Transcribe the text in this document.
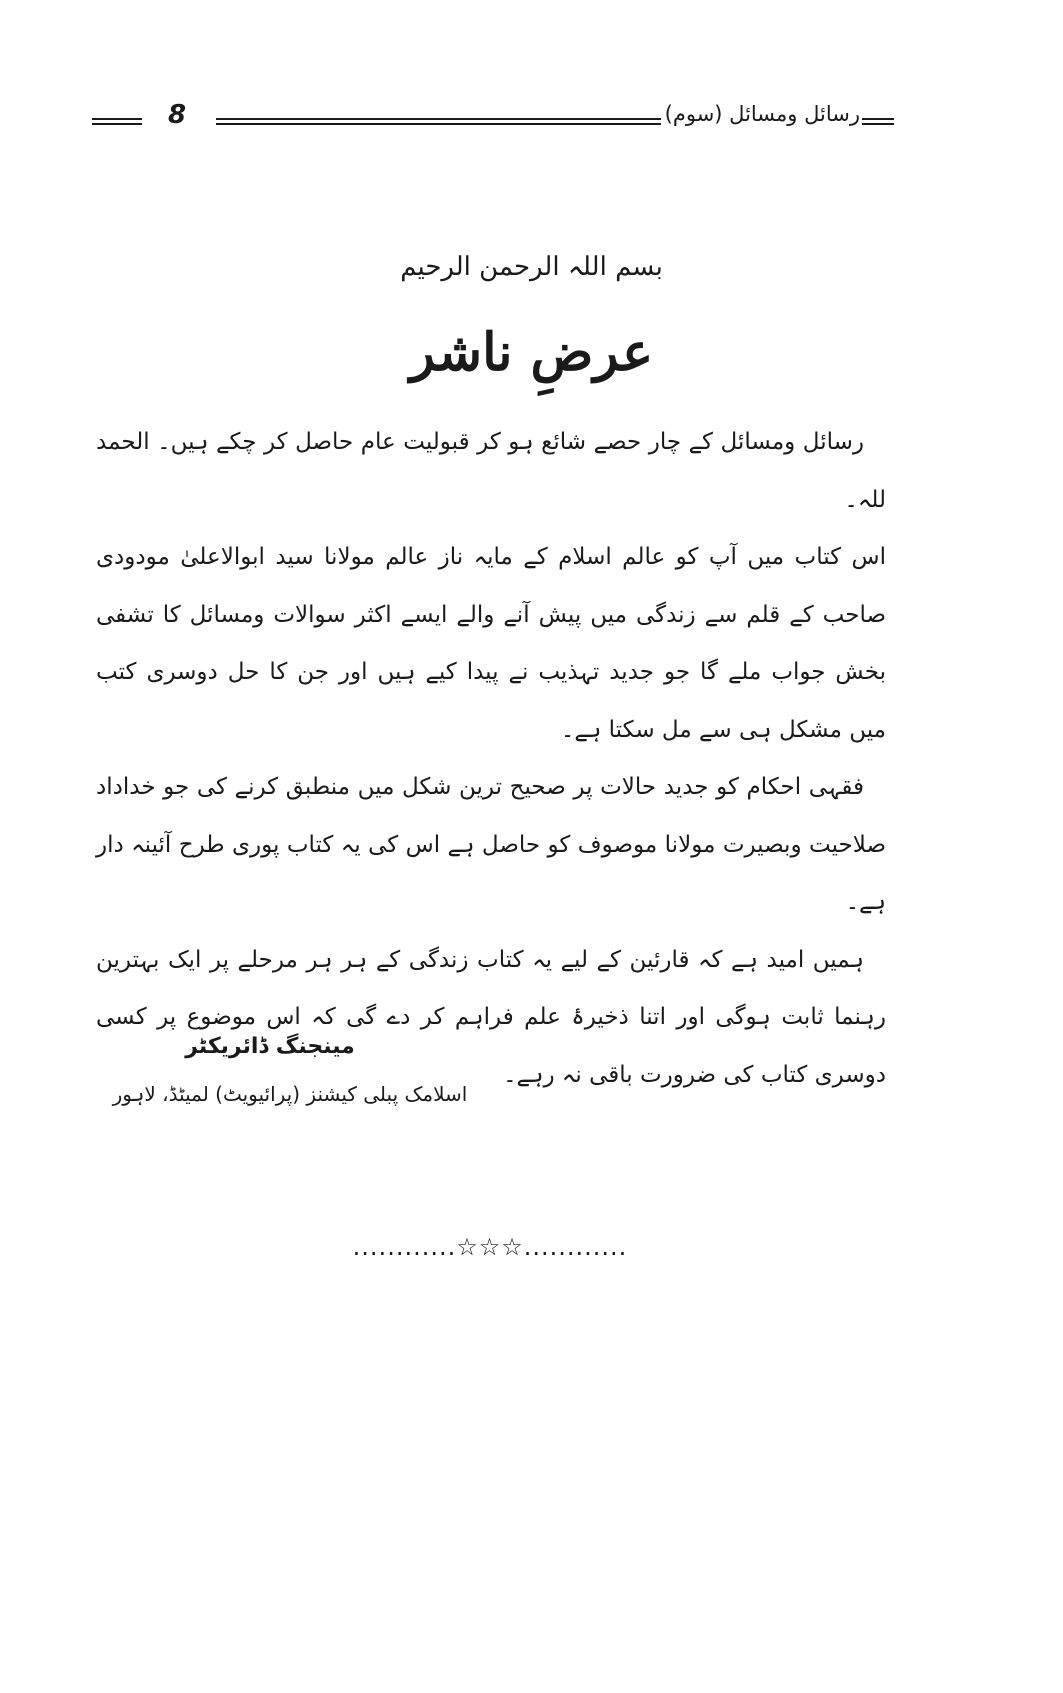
8	رسائل ومسائل (سوم)
بسم اللہ الرحمن الرحیم
عرضِ ناشر

رسائل ومسائل کے چار حصے شائع ہو کر قبولیت عام حاصل کر چکے ہیں۔ الحمد للہ۔

اس کتاب میں آپ کو عالم اسلام کے مایہ ناز عالم مولانا سید ابوالاعلیٰ مودودی صاحب کے قلم سے زندگی میں پیش آنے والے ایسے اکثر سوالات ومسائل کا تشفی بخش جواب ملے گا جو جدید تہذیب نے پیدا کیے ہیں اور جن کا حل دوسری کتب میں مشکل ہی سے مل سکتا ہے۔

فقہی احکام کو جدید حالات پر صحیح ترین شکل میں منطبق کرنے کی جو خداداد صلاحیت وبصیرت مولانا موصوف کو حاصل ہے اس کی یہ کتاب پوری طرح آئینہ دار ہے۔

ہمیں امید ہے کہ قارئین کے لیے یہ کتاب زندگی کے ہر ہر مرحلے پر ایک بہترین رہنما ثابت ہوگی اور اتنا ذخیرۂ علم فراہم کر دے گی کہ اس موضوع پر کسی دوسری کتاب کی ضرورت باقی نہ رہے۔

مینجنگ ڈائریکٹر
اسلامک پبلی کیشنز (پرائیویٹ) لمیٹڈ، لاہور
............☆☆☆............
